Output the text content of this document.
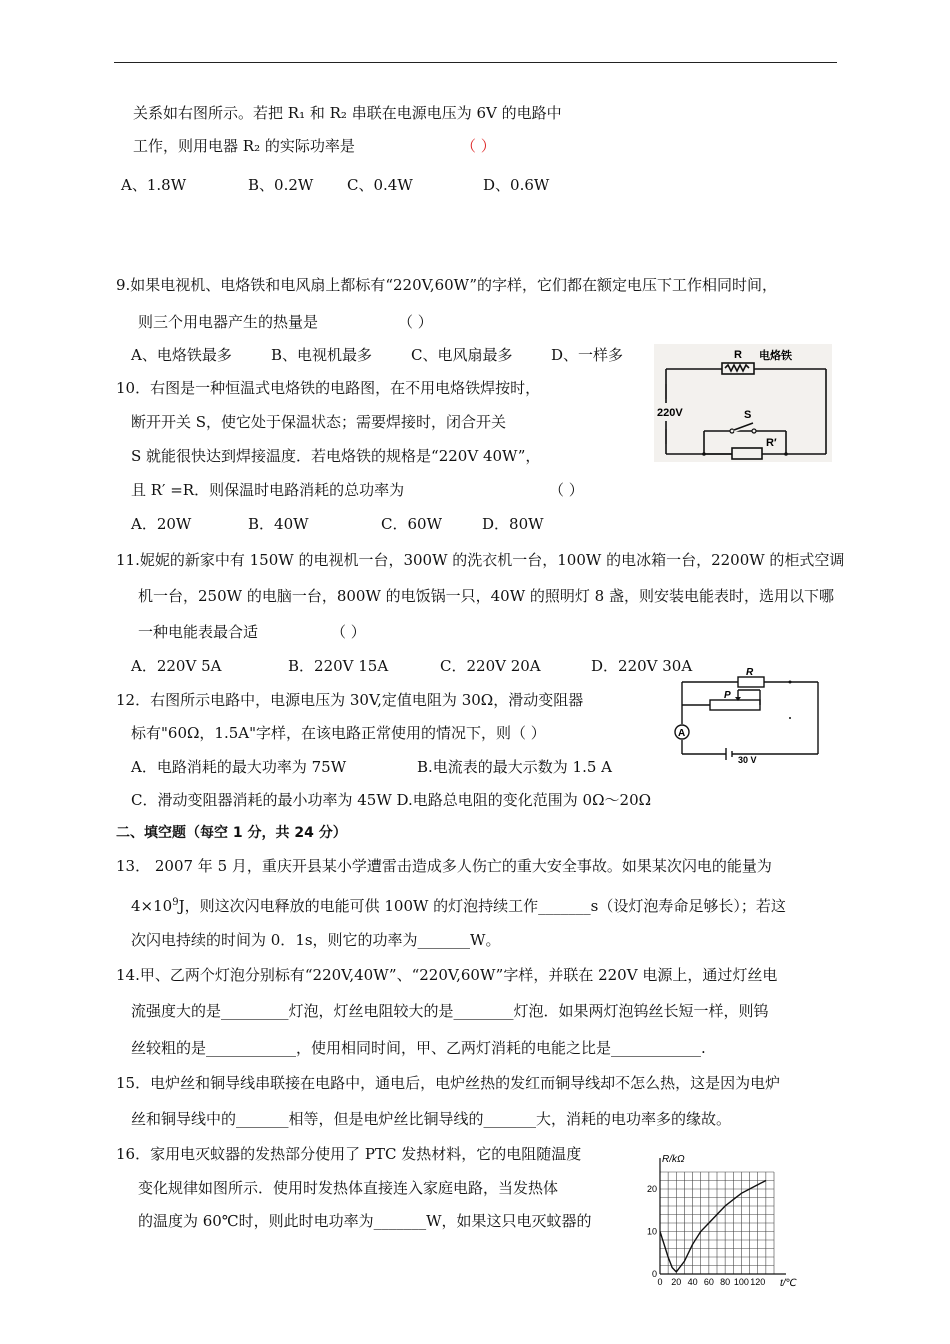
关系如右图所示。若把 R₁ 和 R₂ 串联在电源电压为 6V 的电路中
工作，则用电器 R₂ 的实际功率是	（ ）
A、1.8W	B、0.2W C、0.4W	D、0.6W
9.如果电视机、电烙铁和电风扇上都标有“220V,60W”的字样，它们都在额定电压下工作相同时间，
则三个用电器产生的热量是	（ ）
A、电烙铁最多	B、电视机最多	C、电风扇最多	D、一样多
10．右图是一种恒温式电烙铁的电路图，在不用电烙铁焊按时，
断开开关 S，使它处于保温状态；需要焊接时，闭合开关
S 就能很快达到焊接温度．若电烙铁的规格是“220V 40W”，
且 R′ =R．则保温时电路消耗的总功率为	（ ）
A．20W	B．40W	C．60W	D．80W
R 电烙铁
220V	S
R′
11.妮妮的新家中有 150W 的电视机一台，300W 的洗衣机一台，100W 的电冰箱一台，2200W 的柜式空调
机一台，250W 的电脑一台，800W 的电饭锅一只，40W 的照明灯 8 盏，则安装电能表时，选用以下哪
一种电能表最合适	（ ）
A．220V 5A	B．220V 15A	C．220V 20A	D．220V 30A
12．右图所示电路中，电源电压为 30V,定值电阻为 30Ω，滑动变阻器
标有"60Ω，1.5A"字样，在该电路正常使用的情况下，则（ ）
A．电路消耗的最大功率为 75W	B.电流表的最大示数为 1.5 A
C．滑动变阻器消耗的最小功率为 45W D.电路总电阻的变化范围为 0Ω～20Ω
A
R
P
30 V
二、填空题（每空 1 分，共 24 分）
13． 2007 年 5 月，重庆开县某小学遭雷击造成多人伤亡的重大安全事故。如果某次闪电的能量为
$4\times 10^9J$，则这次闪电释放的电能可供 100W 的灯泡持续工作_______s（设灯泡寿命足够长）；若这
次闪电持续的时间为 0．1s，则它的功率为_______W。
14.甲、乙两个灯泡分别标有“220V,40W”、“220V,60W”字样，并联在 220V 电源上，通过灯丝电
流强度大的是_________灯泡，灯丝电阻较大的是________灯泡．如果两灯泡钨丝长短一样，则钨
丝较粗的是____________，使用相同时间，甲、乙两灯消耗的电能之比是____________.
15．电炉丝和铜导线串联接在电路中，通电后，电炉丝热的发红而铜导线却不怎么热，这是因为电炉
丝和铜导线中的_______相等，但是电炉丝比铜导线的_______大，消耗的电功率多的缘故。
16．家用电灭蚊器的发热部分使用了 PTC 发热材料，它的电阻随温度
变化规律如图所示．使用时发热体直接连入家庭电路，当发热体
的温度为 60℃时，则此时电功率为_______W，如果这只电灭蚊器的
0 20 40 60 80 100 120
0
10
20
R/kΩ
t/℃
